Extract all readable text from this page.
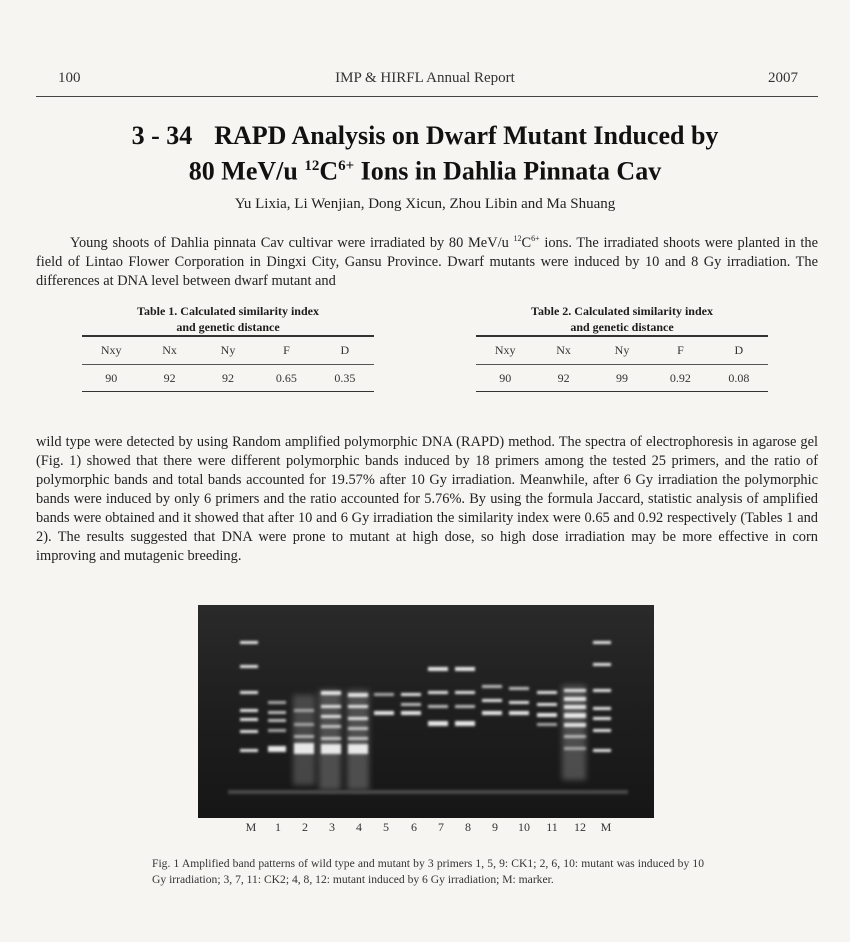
100	IMP & HIRFL Annual Report	2007
3 - 34 RAPD Analysis on Dwarf Mutant Induced by
80 MeV/u $^{12}C^{6+}$ Ions in Dahlia Pinnata Cav
Yu Lixia, Li Wenjian, Dong Xicun, Zhou Libin and Ma Shuang
Young shoots of Dahlia pinnata Cav cultivar were irradiated by 80 MeV/u $^{12}C^{6+}$ ions. The irradiated shoots were planted in the field of Lintao Flower Corporation in Dingxi City, Gansu Province. Dwarf mutants were induced by 10 and 8 Gy irradiation. The differences at DNA level between dwarf mutant and
Table 1. Calculated similarity index
and genetic distance
Nxy	Nx	Ny	F	D
90	92	92	0.65	0.35
Table 2. Calculated similarity index
and genetic distance
Nxy	Nx	Ny	F	D
90	92	99	0.92	0.08
wild type were detected by using Random amplified polymorphic DNA (RAPD) method. The spectra of electrophoresis in agarose gel (Fig. 1) showed that there were different polymorphic bands induced by 18 primers among the tested 25 primers, and the ratio of polymorphic bands and total bands accounted for 19.57% after 10 Gy irradiation. Meanwhile, after 6 Gy irradiation the polymorphic bands were induced by only 6 primers and the ratio accounted for 5.76%. By using the formula Jaccard, statistic analysis of amplified bands were obtained and it showed that after 10 and 6 Gy irradiation the similarity index were 0.65 and 0.92 respectively (Tables 1 and 2). The results suggested that DNA were prone to mutant at high dose, so high dose irradiation may be more effective in corn improving and mutagenic breeding.
M 1 2 3 4 5 6 7 8 9 10 11 12 M
Fig. 1 Amplified band patterns of wild type and mutant by 3 primers 1, 5, 9: CK1; 2, 6, 10: mutant was induced by 10 Gy irradiation; 3, 7, 11: CK2; 4, 8, 12: mutant induced by 6 Gy irradiation; M: marker.
